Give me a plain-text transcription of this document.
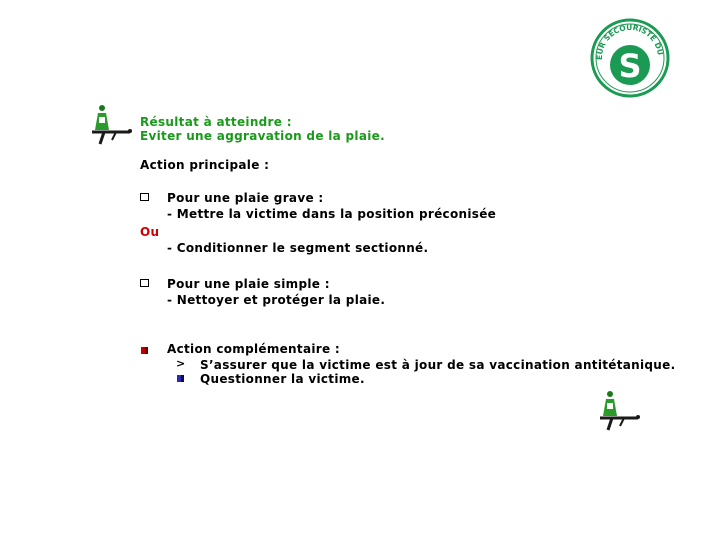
EUR SECOURISTE DU
S
Résultat à atteindre :
Eviter une aggravation de la plaie.
Action principale :
Pour une plaie grave :
- Mettre la victime dans la position préconisée
Ou
- Conditionner le segment sectionné.
Pour une plaie simple :
- Nettoyer et protéger la plaie.
Action complémentaire :
> S’assurer que la victime est à jour de sa vaccination antitétanique.
Questionner la victime.
